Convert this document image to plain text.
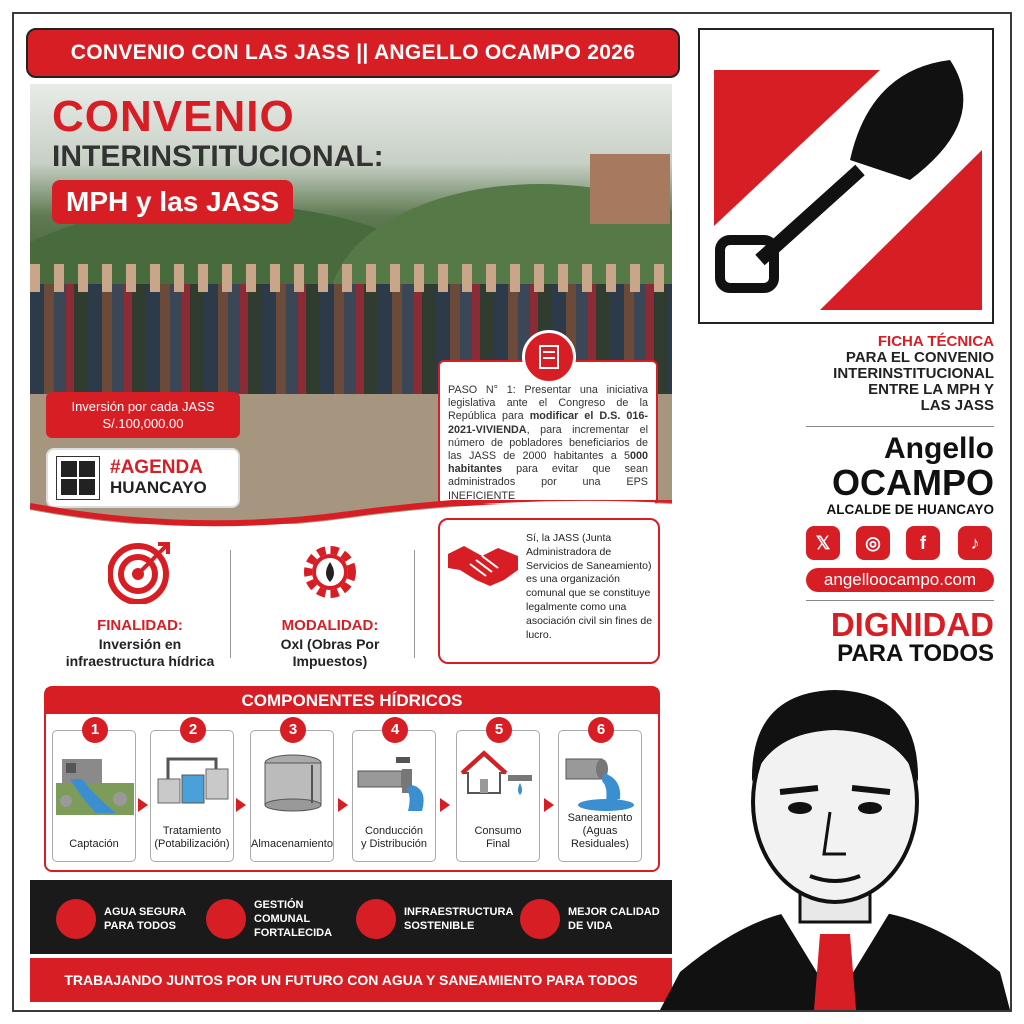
CONVENIO CON LAS JASS || ANGELLO OCAMPO 2026
CONVENIO
INTERINSTITUCIONAL:
MPH y las JASS
Inversión por cada JASS
S/.100,000.00
#AGENDA
HUANCAYO
PASO N° 1: Presentar una iniciativa legislativa ante el Congreso de la República para modificar el D.S. 016-2021-VIVIENDA, para incrementar el número de pobladores beneficiarios de las JASS de 2000 habitantes a 5000 habitantes para evitar que sean administrados por una EPS INEFICIENTE
FINALIDAD:
Inversión en infraestructura hídrica
MODALIDAD:
OxI (Obras Por Impuestos)
Sí, la JASS (Junta Administradora de Servicios de Saneamiento) es una organización comunal que se constituye legalmente como una asociación civil sin fines de lucro.
COMPONENTES HÍDRICOS
1
Captación

2
Tratamiento
(Potabilización)
3
Almacenamiento

4
Conducción
y Distribución
5
Consumo
Final
6
Saneamiento
(Aguas Residuales)
AGUA SEGURA
PARA TODOS
GESTIÓN
COMUNAL
FORTALECIDA
INFRAESTRUCTURA
SOSTENIBLE
MEJOR CALIDAD
DE VIDA
TRABAJANDO JUNTOS POR UN FUTURO CON AGUA Y SANEAMIENTO PARA TODOS
FICHA TÉCNICA
PARA EL CONVENIO
INTERINSTITUCIONAL
ENTRE LA MPH Y
LAS JASS
Angello
OCAMPO
ALCALDE DE HUANCAYO
𝕏	◎	f	♪
angelloocampo.com
DIGNIDAD
PARA TODOS
